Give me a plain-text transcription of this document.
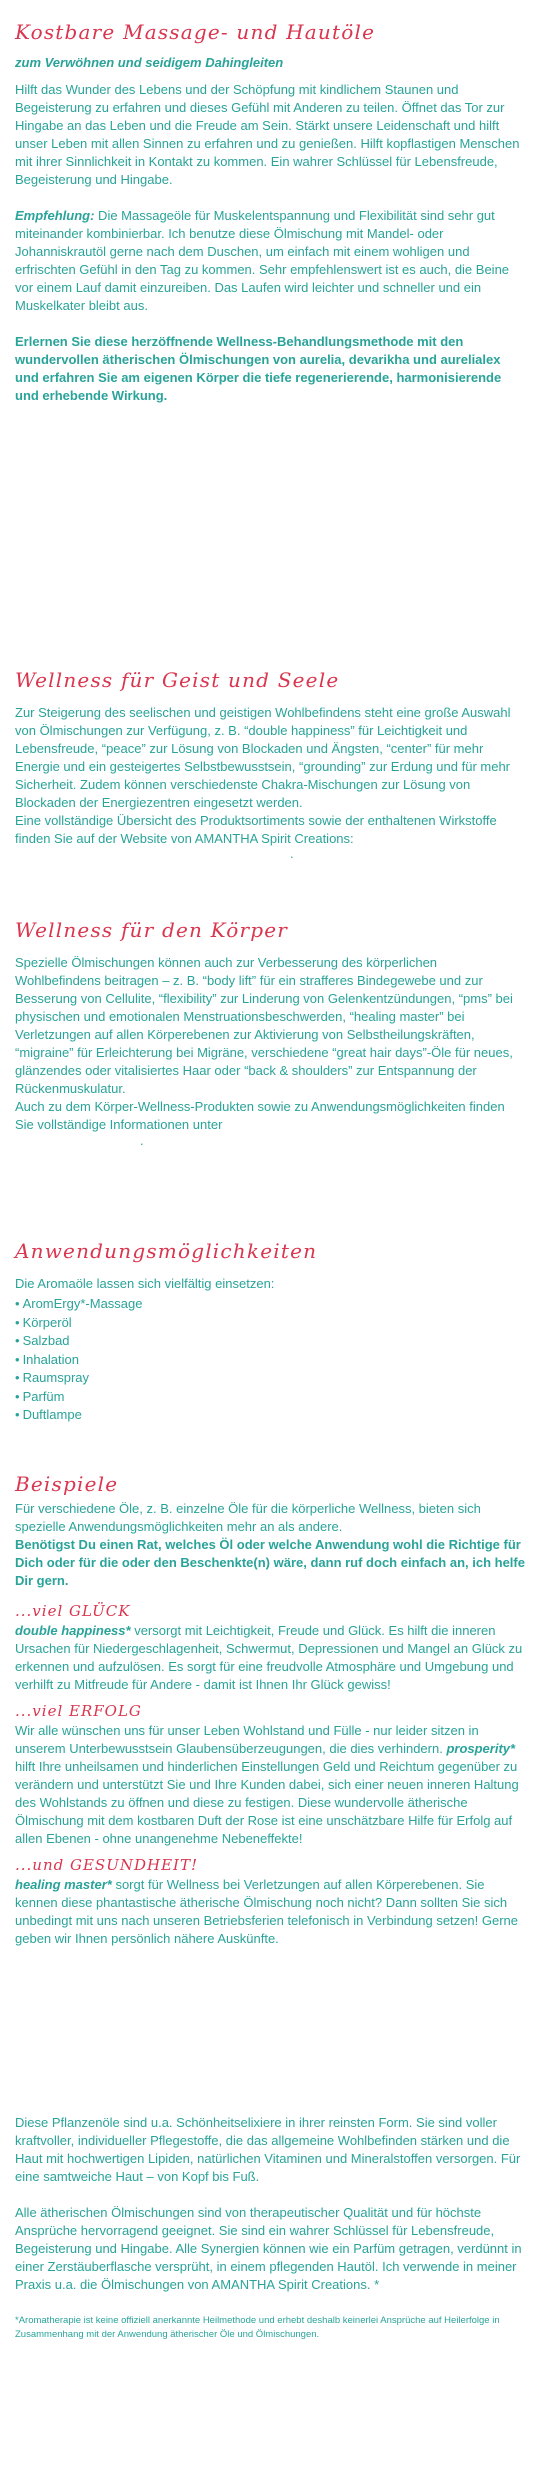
Kostbare Massage- und Hautöle

zum Verwöhnen und seidigem Dahingleiten

Hilft das Wunder des Lebens und der Schöpfung mit kindlichem Staunen und Begeisterung zu erfahren und dieses Gefühl mit Anderen zu teilen. Öffnet das Tor zur Hingabe an das Leben und die Freude am Sein. Stärkt unsere Leidenschaft und hilft unser Leben mit allen Sinnen zu erfahren und zu genießen. Hilft kopflastigen Menschen mit ihrer Sinnlichkeit in Kontakt zu kommen. Ein wahrer Schlüssel für Lebensfreude, Begeisterung und Hingabe.

Empfehlung: Die Massageöle für Muskelentspannung und Flexibilität sind sehr gut miteinander kombinierbar. Ich benutze diese Ölmischung mit Mandel- oder Johanniskrautöl gerne nach dem Duschen, um einfach mit einem wohligen und erfrischten Gefühl in den Tag zu kommen. Sehr empfehlenswert ist es auch, die Beine vor einem Lauf damit einzureiben. Das Laufen wird leichter und schneller und ein Muskelkater bleibt aus.

Erlernen Sie diese herzöffnende Wellness-Behandlungsmethode mit den wundervollen ätherischen Ölmischungen von aurelia, devarikha und aurelialex und erfahren Sie am eigenen Körper die tiefe regenerierende, harmonisierende und erhebende Wirkung.

Wellness für Geist und Seele

Zur Steigerung des seelischen und geistigen Wohlbefindens steht eine große Auswahl von Ölmischungen zur Verfügung, z. B. “double happiness” für Leichtigkeit und Lebensfreude, “peace” zur Lösung von Blockaden und Ängsten, “center” für mehr Energie und ein gesteigertes Selbstbewusstsein, “grounding” zur Erdung und für mehr Sicherheit. Zudem können verschiedenste Chakra-Mischungen zur Lösung von Blockaden der Energiezentren eingesetzt werden.

Eine vollständige Übersicht des Produktsortiments sowie der enthaltenen Wirkstoffe finden Sie auf der Website von AMANTHA Spirit Creations:

.

Wellness für den Körper

Spezielle Ölmischungen können auch zur Verbesserung des körperlichen Wohlbefindens beitragen – z. B. “body lift” für ein strafferes Bindegewebe und zur Besserung von Cellulite, “flexibility” zur Linderung von Gelenkentzündungen, “pms” bei physischen und emotionalen Menstruationsbeschwerden, “healing master” bei Verletzungen auf allen Körperebenen zur Aktivierung von Selbstheilungskräften, “migraine” für Erleichterung bei Migräne, verschiedene “great hair days”-Öle für neues, glänzendes oder vitalisiertes Haar oder “back & shoulders” zur Entspannung der Rückenmuskulatur.

Auch zu dem Körper-Wellness-Produkten sowie zu Anwendungsmöglichkeiten finden Sie vollständige Informationen unter

.

Anwendungsmöglichkeiten

Die Aromaöle lassen sich vielfältig einsetzen:

• AromErgy*-Massage
• Körperöl
• Salzbad
• Inhalation
• Raumspray
• Parfüm
• Duftlampe
Beispiele

Für verschiedene Öle, z. B. einzelne Öle für die körperliche Wellness, bieten sich spezielle Anwendungsmöglichkeiten mehr an als andere.

Benötigst Du einen Rat, welches Öl oder welche Anwendung wohl die Richtige für Dich oder für die oder den Beschenkte(n) wäre, dann ruf doch einfach an, ich helfe Dir gern.

...viel GLÜCK

double happiness* versorgt mit Leichtigkeit, Freude und Glück. Es hilft die inneren Ursachen für Niedergeschlagenheit, Schwermut, Depressionen und Mangel an Glück zu erkennen und aufzulösen. Es sorgt für eine freudvolle Atmosphäre und Umgebung und verhilft zu Mitfreude für Andere - damit ist Ihnen Ihr Glück gewiss!

...viel ERFOLG

Wir alle wünschen uns für unser Leben Wohlstand und Fülle - nur leider sitzen in unserem Unterbewusstsein Glaubensüberzeugungen, die dies verhindern. prosperity* hilft Ihre unheilsamen und hinderlichen Einstellungen Geld und Reichtum gegenüber zu verändern und unterstützt Sie und Ihre Kunden dabei, sich einer neuen inneren Haltung des Wohlstands zu öffnen und diese zu festigen. Diese wundervolle ätherische Ölmischung mit dem kostbaren Duft der Rose ist eine unschätzbare Hilfe für Erfolg auf allen Ebenen - ohne unangenehme Nebeneffekte!

...und GESUNDHEIT!

healing master* sorgt für Wellness bei Verletzungen auf allen Körperebenen. Sie kennen diese phantastische ätherische Ölmischung noch nicht? Dann sollten Sie sich unbedingt mit uns nach unseren Betriebsferien telefonisch in Verbindung setzen! Gerne geben wir Ihnen persönlich nähere Auskünfte.

Diese Pflanzenöle sind u.a. Schönheitselixiere in ihrer reinsten Form. Sie sind voller kraftvoller, individueller Pflegestoffe, die das allgemeine Wohlbefinden stärken und die Haut mit hochwertigen Lipiden, natürlichen Vitaminen und Mineralstoffen versorgen. Für eine samtweiche Haut – von Kopf bis Fuß.

Alle ätherischen Ölmischungen sind von therapeutischer Qualität und für höchste Ansprüche hervorragend geeignet. Sie sind ein wahrer Schlüssel für Lebensfreude, Begeisterung und Hingabe. Alle Synergien können wie ein Parfüm getragen, verdünnt in einer Zerstäuberflasche versprüht, in einem pflegenden Hautöl. Ich verwende in meiner Praxis u.a. die Ölmischungen von AMANTHA Spirit Creations. *

*Aromatherapie ist keine offiziell anerkannte Heilmethode und erhebt deshalb keinerlei Ansprüche auf Heilerfolge in Zusammenhang mit der Anwendung ätherischer Öle und Ölmischungen.
